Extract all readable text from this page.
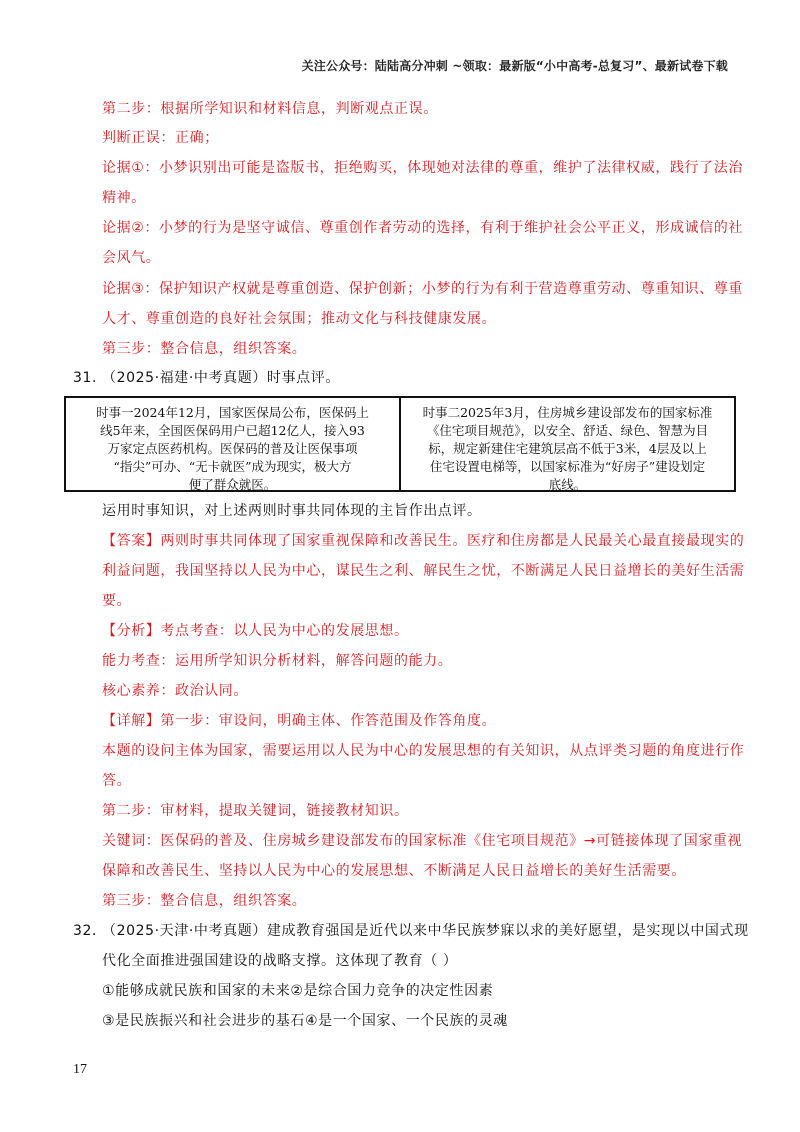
关注公众号：陆陆高分冲刺 ~领取：最新版“小中高考-总复习”、最新试卷下载
第二步：根据所学知识和材料信息，判断观点正误。
判断正误：正确；
论据①：小梦识别出可能是盗版书，拒绝购买，体现她对法律的尊重，维护了法律权威，践行了法治
精神。
论据②：小梦的行为是坚守诚信、尊重创作者劳动的选择，有利于维护社会公平正义，形成诚信的社
会风气。
论据③：保护知识产权就是尊重创造、保护创新；小梦的行为有利于营造尊重劳动、尊重知识、尊重
人才、尊重创造的良好社会氛围；推动文化与科技健康发展。
第三步：整合信息，组织答案。
31．
（2025·福建·中考真题）时事点评。
时事一2024年12月，国家医保局公布，医保码上
线5年来，全国医保码用户已超12亿人，接入93
万家定点医药机构。医保码的普及让医保事项
“指尖”可办、“无卡就医”成为现实，极大方
便了群众就医。
时事二2025年3月，住房城乡建设部发布的国家标准
《住宅项目规范》，以安全、舒适、绿色、智慧为目
标，规定新建住宅建筑层高不低于3米，4层及以上
住宅设置电梯等，以国家标准为“好房子”建设划定
底线。
运用时事知识，对上述两则时事共同体现的主旨作出点评。
【答案】两则时事共同体现了国家重视保障和改善民生。医疗和住房都是人民最关心最直接最现实的
利益问题，我国坚持以人民为中心，谋民生之利、解民生之忧，不断满足人民日益增长的美好生活需
要。
【分析】考点考查：以人民为中心的发展思想。
能力考查：运用所学知识分析材料，解答问题的能力。
核心素养：政治认同。
【详解】第一步：审设问，明确主体、作答范围及作答角度。
本题的设问主体为国家，需要运用以人民为中心的发展思想的有关知识，从点评类习题的角度进行作
答。
第二步：审材料，提取关键词，链接教材知识。
关键词：医保码的普及、住房城乡建设部发布的国家标准《住宅项目规范》→可链接体现了国家重视
保障和改善民生、坚持以人民为中心的发展思想、不断满足人民日益增长的美好生活需要。
第三步：整合信息，组织答案。
32．
（2025·天津·中考真题）建成教育强国是近代以来中华民族梦寐以求的美好愿望，是实现以中国式现
代化全面推进强国建设的战略支撑。这体现了教育（ ）
①能够成就民族和国家的未来②是综合国力竞争的决定性因素
③是民族振兴和社会进步的基石④是一个国家、一个民族的灵魂
17
